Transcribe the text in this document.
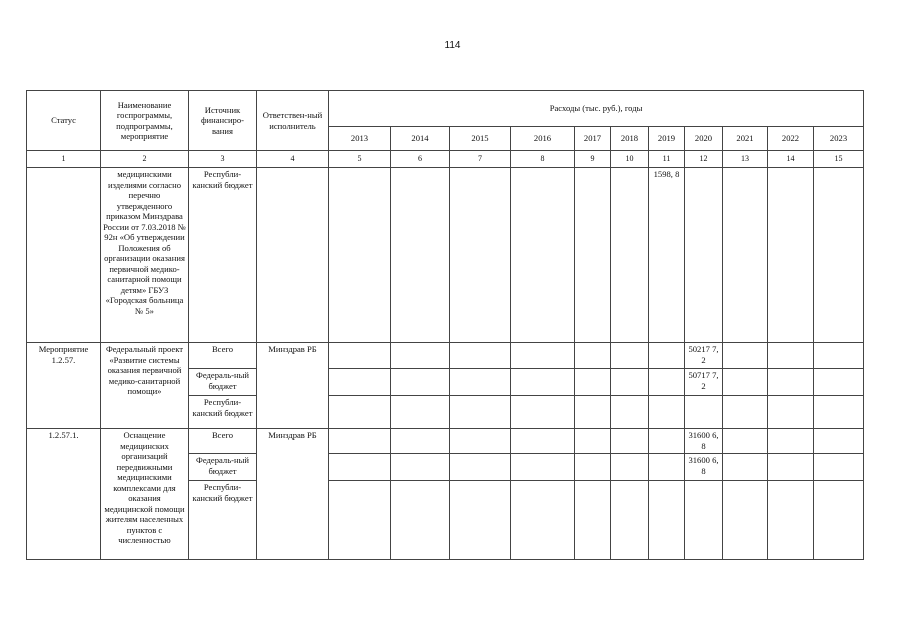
114
Статус	Наименование госпрограммы, подпрограммы, мероприятие	Источник финансиро-вания	Ответствен-ный исполнитель	Расходы (тыс. руб.), годы										
				2013	2014	2015	2016	2017	2018	2019	2020	2021	2022	2023
1	2	3	4	5	6	7	8	9	10	11	12	13	14	15
	медицинскими изделиями согласно перечню утвержденного приказом Минздрава России от 7.03.2018 № 92н «Об утверждении Положения об организации оказания первичной медико-санитарной помощи детям» ГБУЗ «Городская больница № 5»	Республи-канский бюджет								1598, 8				
Мероприятие 1.2.57.	Федеральный проект «Развитие системы оказания первичной медико-санитарной помощи»	Всего	Минздрав РБ								50217 7,2			
		Федераль-ный бюджет									50717 7,2			
		Республи-канский бюджет												
1.2.57.1.	Оснащение медицинских организаций передвижными медицинскими комплексами для оказания медицинской помощи жителям населенных пунктов с численностью	Всего	Минздрав РБ								31600 6,8			
		Федераль-ный бюджет									31600 6,8			
		Республи-канский бюджет												
